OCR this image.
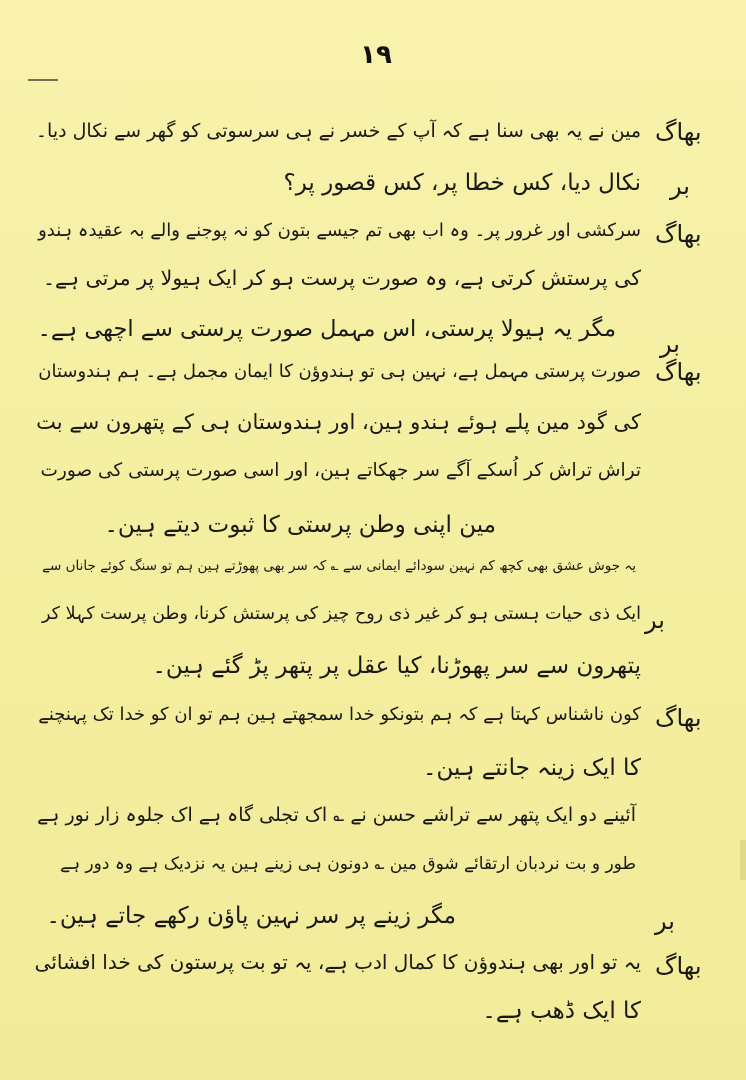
۱۹
بھاگ
بر
بھاگ
بر
بھاگ
بر
بھاگ
بر
بھاگ
مین نے یہ بھی سنا ہے کہ آپ کے خسر نے ہی سرسوتی کو گھر سے نکال دیا۔
نکال دیا، کس خطا پر، کس قصور پر؟
سرکشی اور غرور پر۔ وہ اب بھی تم جیسے بتون کو نہ پوجنے والے بہ عقیدہ ہندو
کی پرستش کرتی ہے، وہ صورت پرست ہو کر ایک ہیولا پر مرتی ہے۔
مگر یہ ہیولا پرستی، اس مہمل صورت پرستی سے اچھی ہے۔
صورت پرستی مہمل ہے، نہین ہی تو ہندوؤن کا ایمان مجمل ہے۔ ہم ہندوستان
کی گود مین پلے ہوئے ہندو ہین، اور ہندوستان ہی کے پتھرون سے بت
تراش تراش کر اُسکے آگے سر جھکاتے ہین، اور اسی صورت پرستی کی صورت
مین اپنی وطن پرستی کا ثبوت دیتے ہین۔
یہ جوش عشق بھی کچھ کم نہین سودائے ایمانی سے ؎ کہ سر بھی پھوڑتے ہین ہم تو سنگ کوئے جاناں سے
ایک ذی حیات ہستی ہو کر غیر ذی روح چیز کی پرستش کرنا، وطن پرست کہلا کر
پتھرون سے سر پھوڑنا، کیا عقل پر پتھر پڑ گئے ہین۔
کون ناشناس کہتا ہے کہ ہم بتونکو خدا سمجھتے ہین ہم تو ان کو خدا تک پہنچنے
کا ایک زینہ جانتے ہین۔
آئینے دو ایک پتھر سے تراشے حسن نے ؎ اک تجلی گاہ ہے اک جلوہ زار نور ہے
طور و بت نردبان ارتقائے شوق مین ؎ دونون ہی زینے ہین یہ نزدیک ہے وہ دور ہے
مگر زینے پر سر نہین پاؤن رکھے جاتے ہین۔
یہ تو اور بھی ہندوؤن کا کمال ادب ہے، یہ تو بت پرستون کی خدا افشائی
کا ایک ڈھب ہے۔
